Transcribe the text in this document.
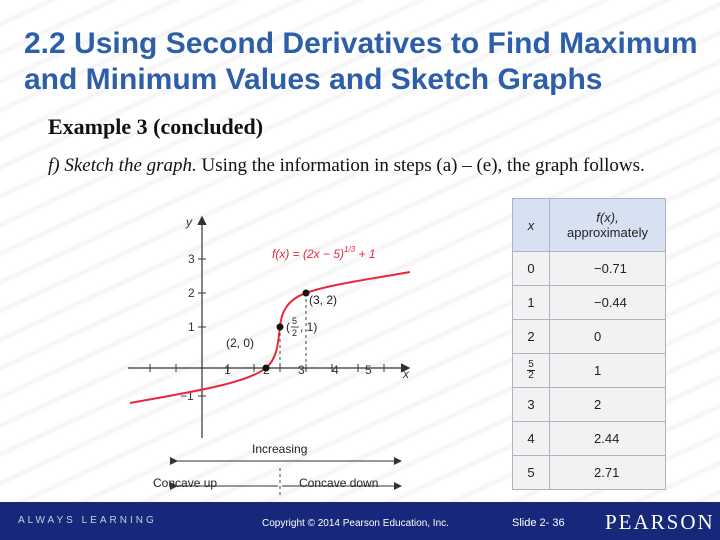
2.2 Using Second Derivatives to Find Maximum and Minimum Values and Sketch Graphs
Example 3 (concluded)
f) Sketch the graph. Using the information in steps (a) – (e), the graph follows.
y
x
1	3 4 5
3
2
1
−1
(2, 0)
(3, 2)
( 5
2 , 1)
$f(x) = (2x - 5)^{1/3} + 1$
Increasing
Concave up	Concave down
x	f(x),
approximately
0	−0.71
1	−0.44
2	0

$\frac{5}{2}$	1
3	2
4	2.44
5	2.71
ALWAYS LEARNING	Copyright © 2014 Pearson Education, Inc.	Slide 2- 36 PEARSON
